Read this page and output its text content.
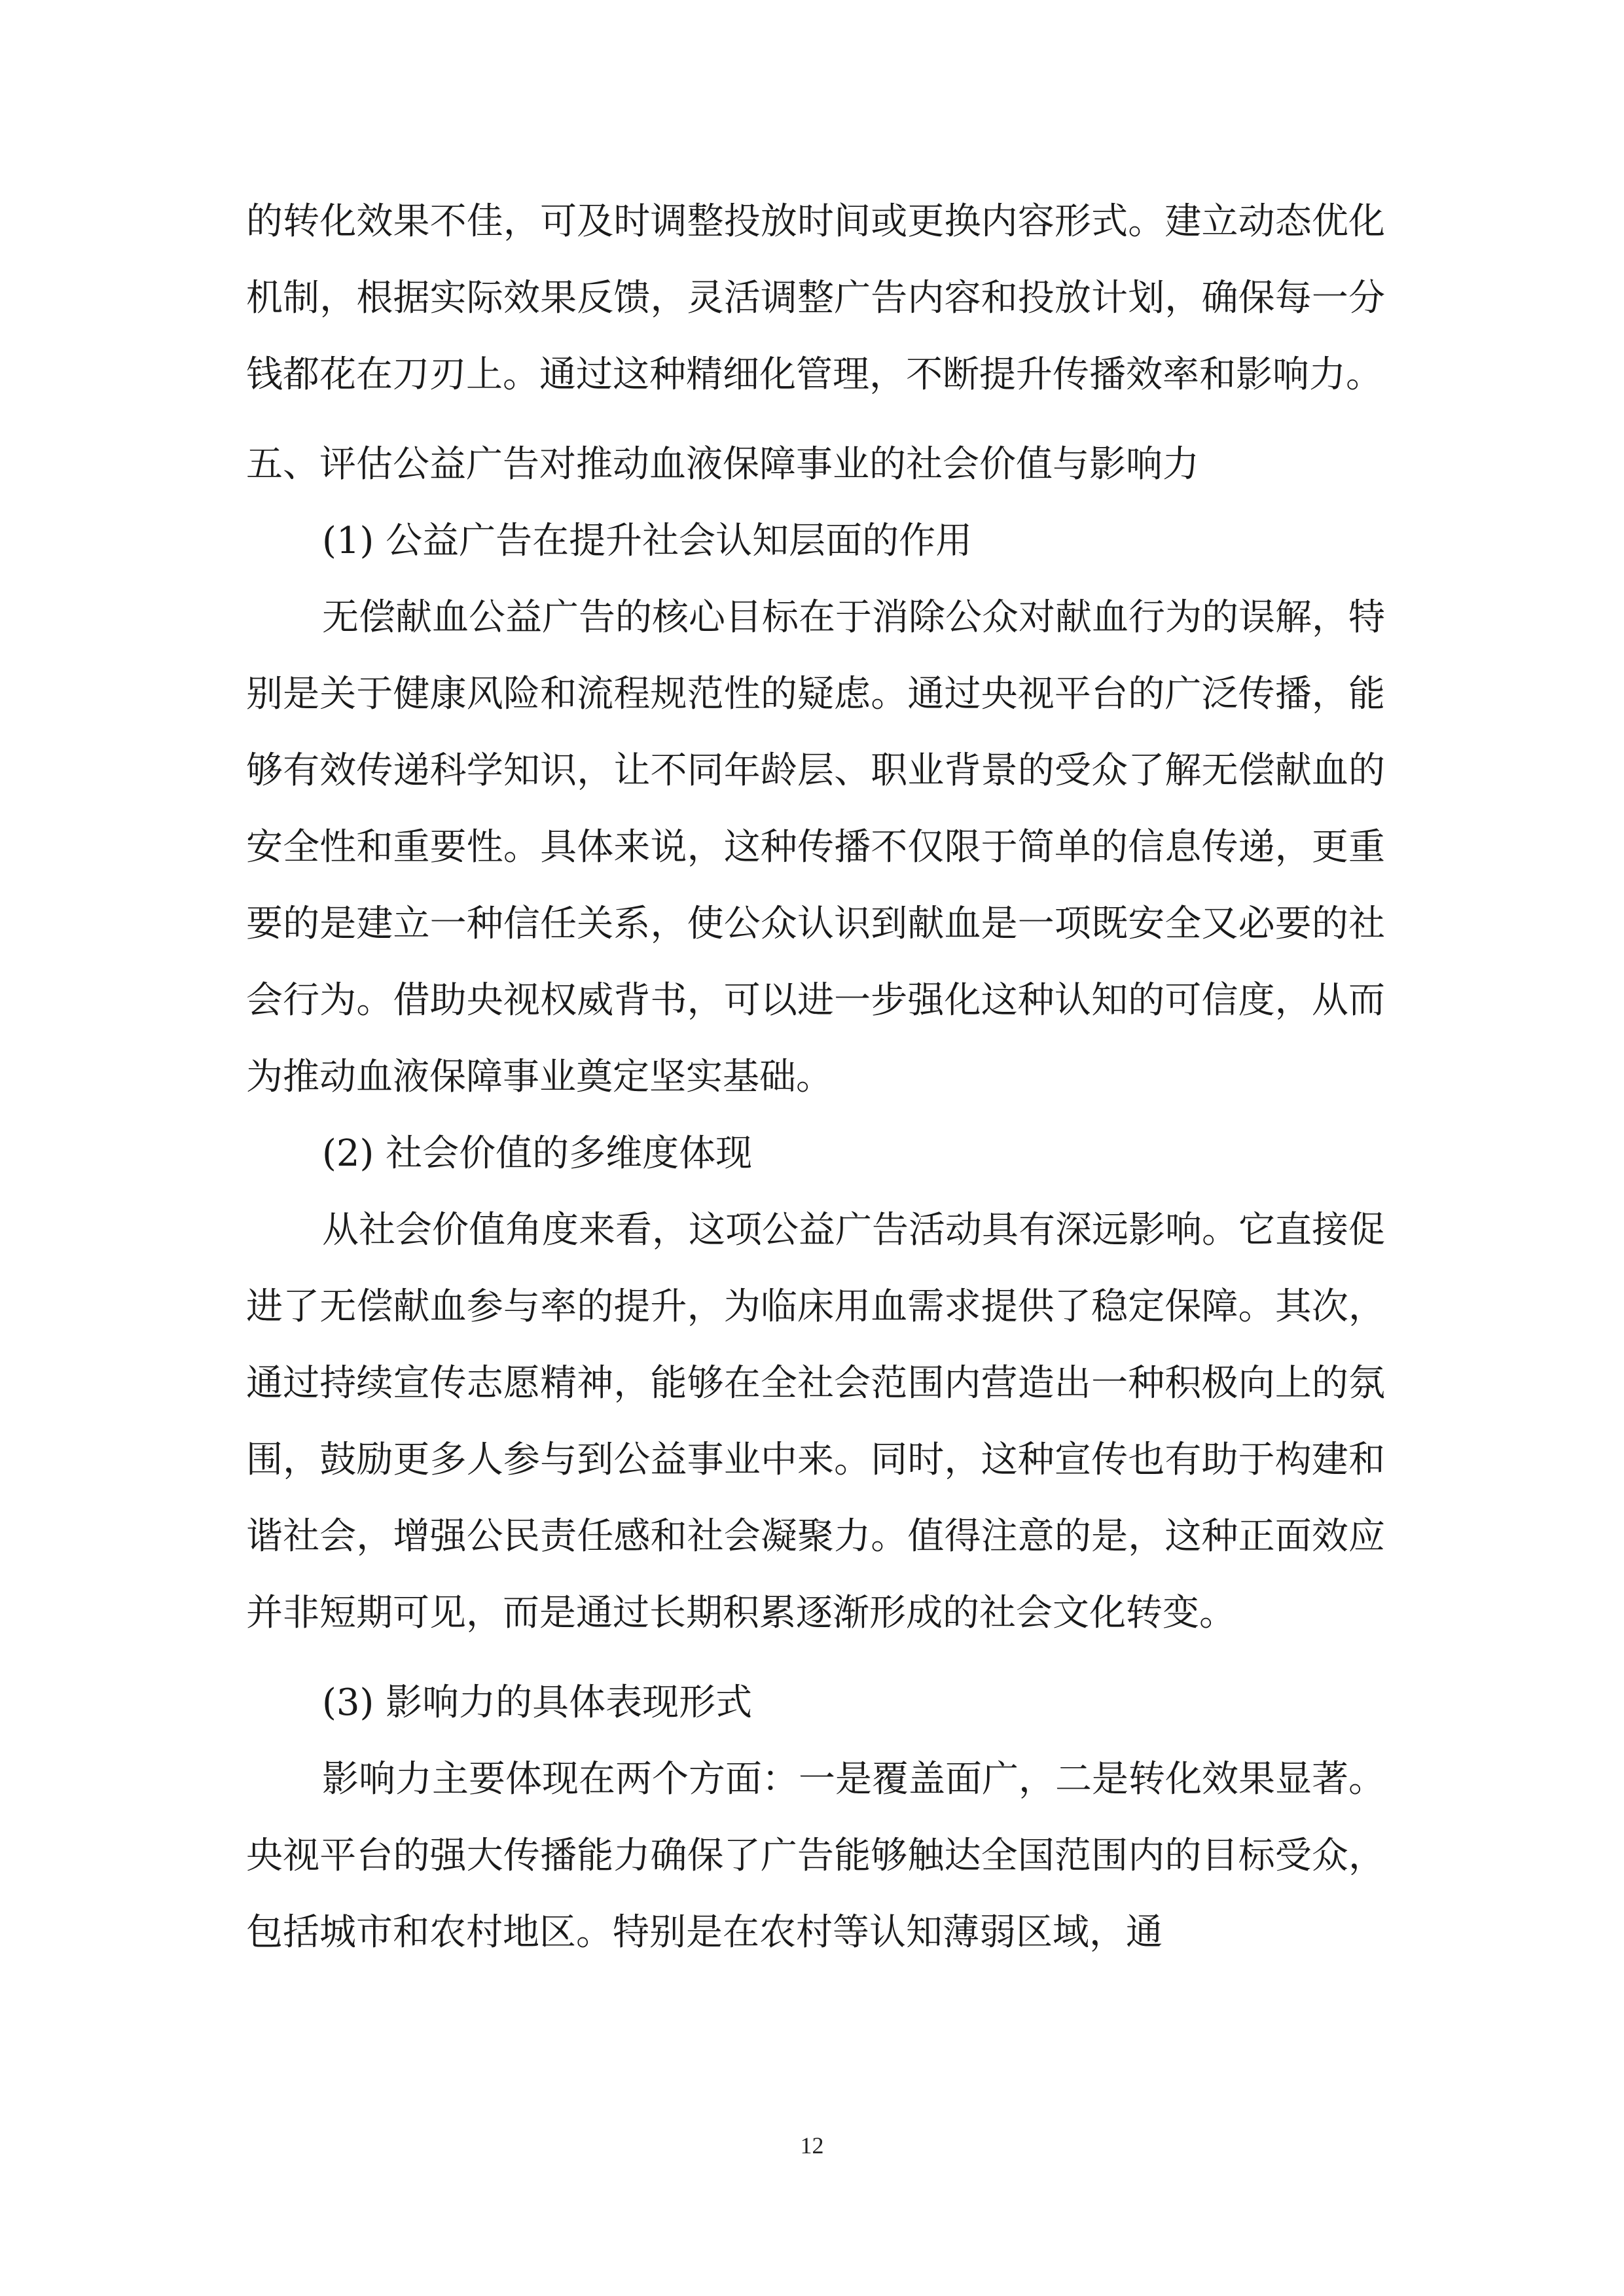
的转化效果不佳，可及时调整投放时间或更换内容形式。建立动态优化机制，根据实际效果反馈，灵活调整广告内容和投放计划，确保每一分钱都花在刀刃上。通过这种精细化管理，不断提升传播效率和影响力。

五、评估公益广告对推动血液保障事业的社会价值与影响力

(1) 公益广告在提升社会认知层面的作用

无偿献血公益广告的核心目标在于消除公众对献血行为的误解，特别是关于健康风险和流程规范性的疑虑。通过央视平台的广泛传播，能够有效传递科学知识，让不同年龄层、职业背景的受众了解无偿献血的安全性和重要性。具体来说，这种传播不仅限于简单的信息传递，更重要的是建立一种信任关系，使公众认识到献血是一项既安全又必要的社会行为。借助央视权威背书，可以进一步强化这种认知的可信度，从而为推动血液保障事业奠定坚实基础。

(2) 社会价值的多维度体现

从社会价值角度来看，这项公益广告活动具有深远影响。它直接促进了无偿献血参与率的提升，为临床用血需求提供了稳定保障。其次，通过持续宣传志愿精神，能够在全社会范围内营造出一种积极向上的氛围，鼓励更多人参与到公益事业中来。同时，这种宣传也有助于构建和谐社会，增强公民责任感和社会凝聚力。值得注意的是，这种正面效应并非短期可见，而是通过长期积累逐渐形成的社会文化转变。

(3) 影响力的具体表现形式

影响力主要体现在两个方面：一是覆盖面广，二是转化效果显著。央视平台的强大传播能力确保了广告能够触达全国范围内的目标受众，包括城市和农村地区。特别是在农村等认知薄弱区域，通

12
